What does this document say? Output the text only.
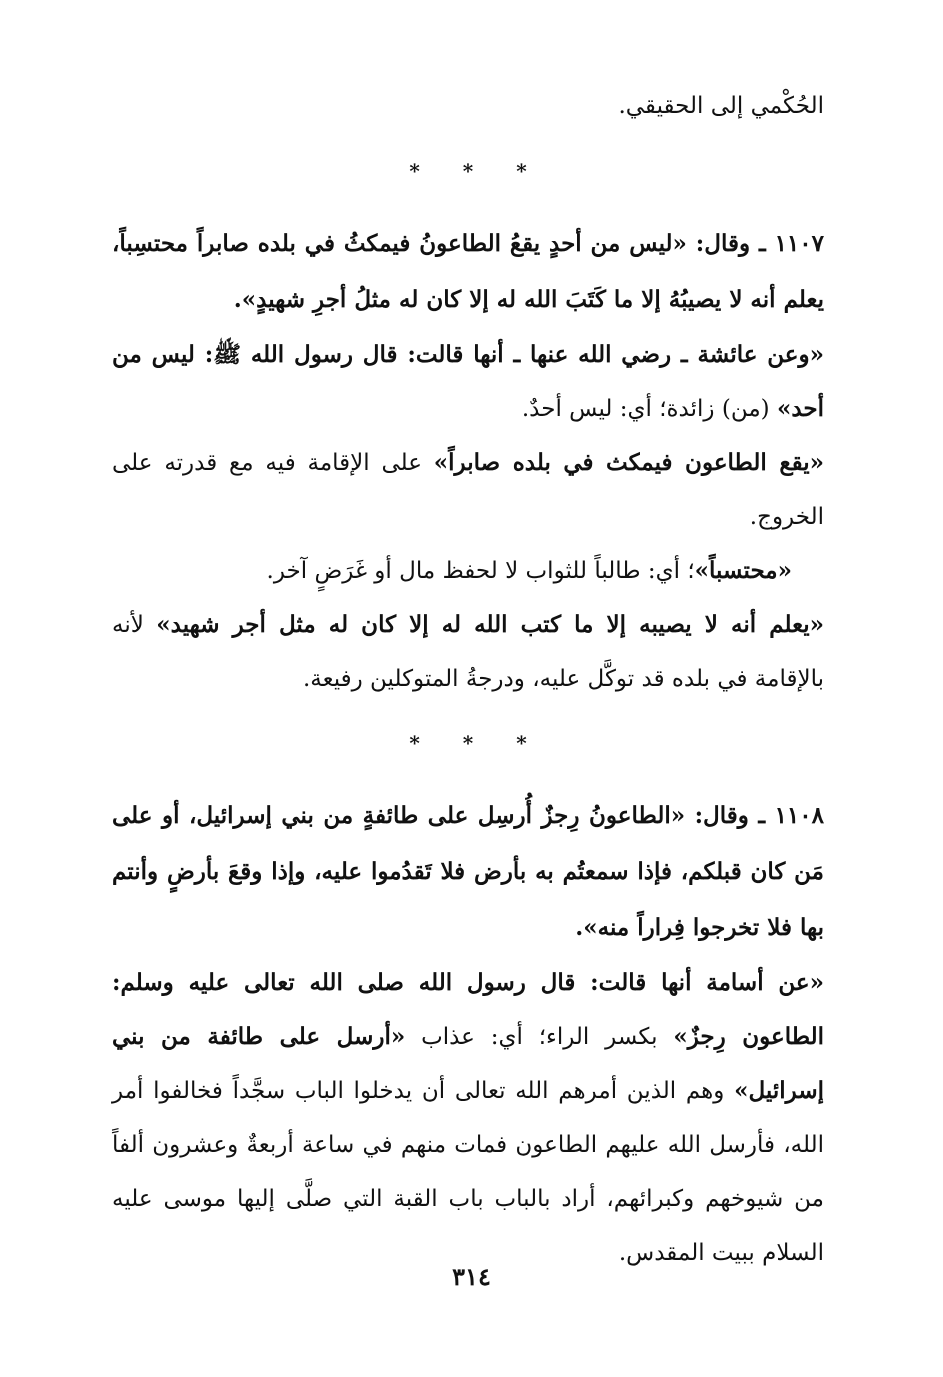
الحُكْمي إلى الحقيقي.

* * *

١١٠٧ ـ وقال: «ليس من أحدٍ يقعُ الطاعونُ فيمكثُ في بلده صابراً محتسِباً، يعلم أنه لا يصيبُهُ إلا ما كَتَبَ الله له إلا كان له مثلُ أجرِ شهيدٍ».

«وعن عائشة ـ رضي الله عنها ـ أنها قالت: قال رسول الله ﷺ: ليس من أحد» (من) زائدة؛ أي: ليس أحدٌ.

«يقع الطاعون فيمكث في بلده صابراً» على الإقامة فيه مع قدرته على الخروج.

«محتسباً»؛ أي: طالباً للثواب لا لحفظ مال أو غَرَضٍ آخر.

«يعلم أنه لا يصيبه إلا ما كتب الله له إلا كان له مثل أجر شهيد» لأنه بالإقامة في بلده قد توكَّل عليه، ودرجةُ المتوكلين رفيعة.

* * *

١١٠٨ ـ وقال: «الطاعونُ رِجزٌ أُرسِل على طائفةٍ من بني إسرائيل، أو على مَن كان قبلكم، فإذا سمعتُم به بأرض فلا تَقدُموا عليه، وإذا وقعَ بأرضٍ وأنتم بها فلا تخرجوا فِراراً منه».

«عن أسامة أنها قالت: قال رسول الله صلى الله تعالى عليه وسلم: الطاعون رِجزٌ» بكسر الراء؛ أي: عذاب «أرسل على طائفة من بني إسرائيل» وهم الذين أمرهم الله تعالى أن يدخلوا الباب سجَّداً فخالفوا أمر الله، فأرسل الله عليهم الطاعون فمات منهم في ساعة أربعةٌ وعشرون ألفاً من شيوخهم وكبرائهم، أراد بالباب باب القبة التي صلَّى إليها موسى عليه السلام ببيت المقدس.

٣١٤
